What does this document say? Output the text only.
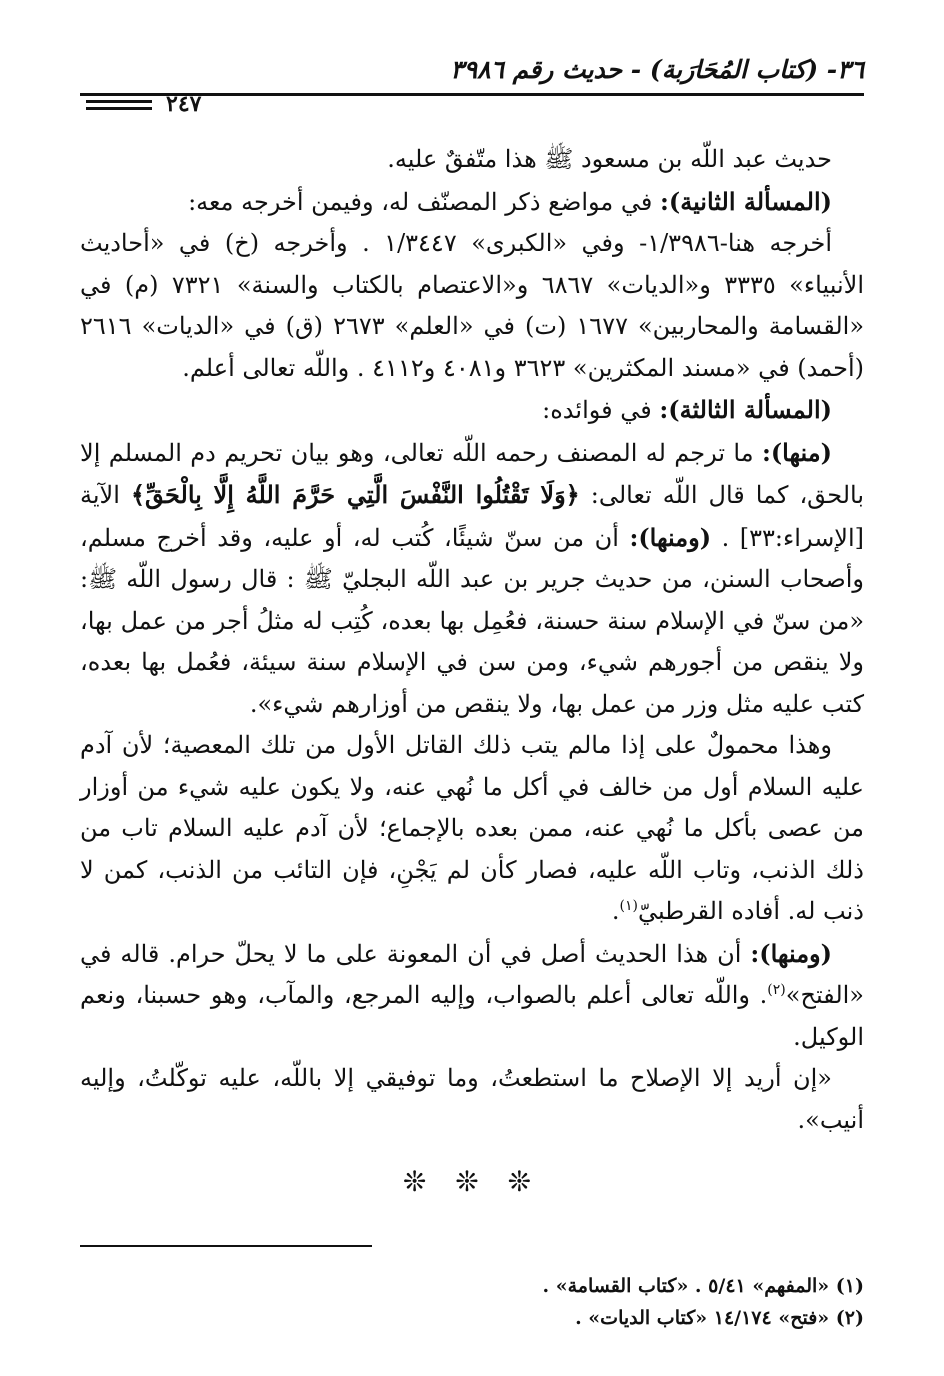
٣٦- (كتاب المُحَارَبة) - حديث رقم ٣٩٨٦
٢٤٧

حديث عبد اللّه بن مسعود ﷺ هذا متّفقٌ عليه.

(المسألة الثانية): في مواضع ذكر المصنّف له، وفيمن أخرجه معه:

أخرجه هنا-١/٣٩٨٦- وفي «الكبرى» ١/٣٤٤٧ . وأخرجه (خ) في «أحاديث الأنبياء» ٣٣٣٥ و«الديات» ٦٨٦٧ و«الاعتصام بالكتاب والسنة» ٧٣٢١ (م) في «القسامة والمحاربين» ١٦٧٧ (ت) في «العلم» ٢٦٧٣ (ق) في «الديات» ٢٦١٦ (أحمد) في «مسند المكثرين» ٣٦٢٣ و٤٠٨١ و٤١١٢ . واللّه تعالى أعلم.

(المسألة الثالثة): في فوائده:

(منها): ما ترجم له المصنف رحمه اللّه تعالى، وهو بيان تحريم دم المسلم إلا بالحق، كما قال اللّه تعالى: ﴿وَلَا تَقْتُلُوا النَّفْسَ الَّتِي حَرَّمَ اللَّهُ إِلَّا بِالْحَقِّ﴾ الآية [الإسراء:٣٣] . (ومنها): أن من سنّ شيئًا، كُتب له، أو عليه، وقد أخرج مسلم، وأصحاب السنن، من حديث جرير بن عبد اللّه البجليّ ﷺ : قال رسول اللّه ﷺ: «من سنّ في الإسلام سنة حسنة، فعُمِل بها بعده، كُتِب له مثلُ أجر من عمل بها، ولا ينقص من أجورهم شيء، ومن سن في الإسلام سنة سيئة، فعُمل بها بعده، كتب عليه مثل وزر من عمل بها، ولا ينقص من أوزارهم شيء».

وهذا محمولٌ على إذا مالم يتب ذلك القاتل الأول من تلك المعصية؛ لأن آدم عليه السلام أول من خالف في أكل ما نُهي عنه، ولا يكون عليه شيء من أوزار من عصى بأكل ما نُهي عنه، ممن بعده بالإجماع؛ لأن آدم عليه السلام تاب من ذلك الذنب، وتاب اللّه عليه، فصار كأن لم يَجْنِ، فإن التائب من الذنب، كمن لا ذنب له. أفاده القرطبيّ$^{(١)}$.

(ومنها): أن هذا الحديث أصل في أن المعونة على ما لا يحلّ حرام. قاله في «الفتح»$^{(٢)}$. واللّه تعالى أعلم بالصواب، وإليه المرجع، والمآب، وهو حسبنا، ونعم الوكيل.

«إن أريد إلا الإصلاح ما استطعتُ، وما توفيقي إلا باللّه، عليه توكّلتُ، وإليه أنيب».

❊ ❊ ❊

(١) «المفهم» ٥/٤١ . «كتاب القسامة» .

(٢) «فتح» ١٤/١٧٤ «كتاب الديات» .
